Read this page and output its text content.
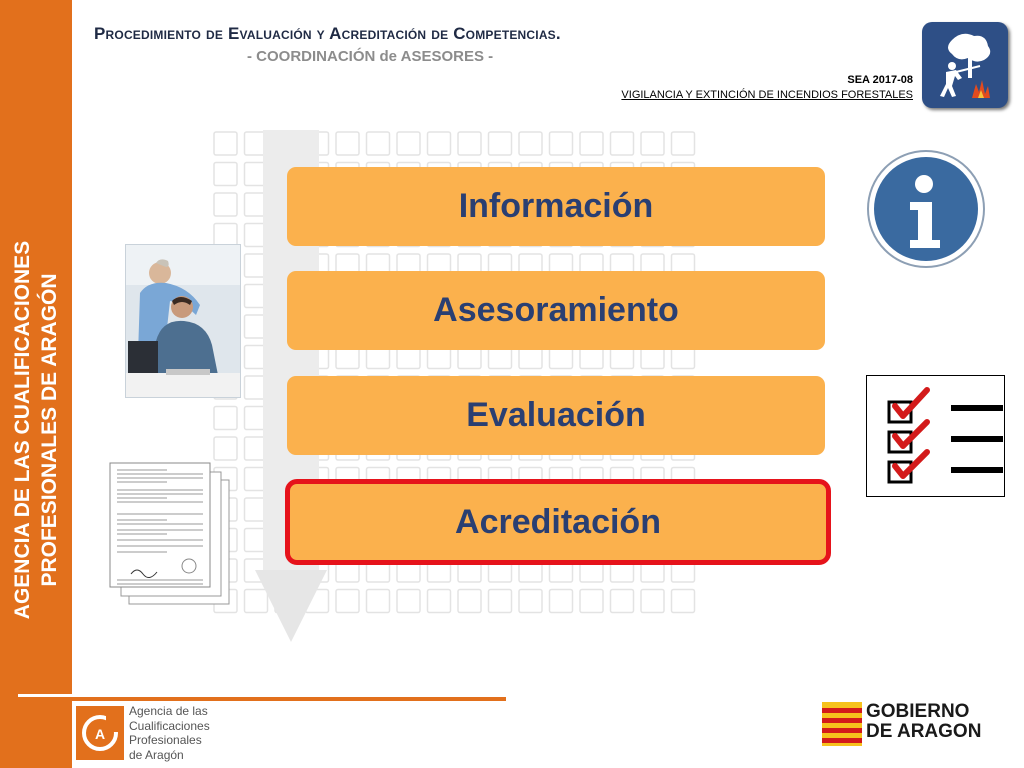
AGENCIA DE LAS CUALIFICACIONES PROFESIONALES DE ARAGÓN
Procedimiento de Evaluación y Acreditación de Competencias.
- COORDINACIÓN de ASESORES -
SEA 2017-08
VIGILANCIA Y EXTINCIÓN DE INCENDIOS FORESTALES
Información
Asesoramiento
Evaluación
Acreditación
A
Agencia de las
Cualificaciones
Profesionales
de Aragón
GOBIERNO
DE ARAGON
